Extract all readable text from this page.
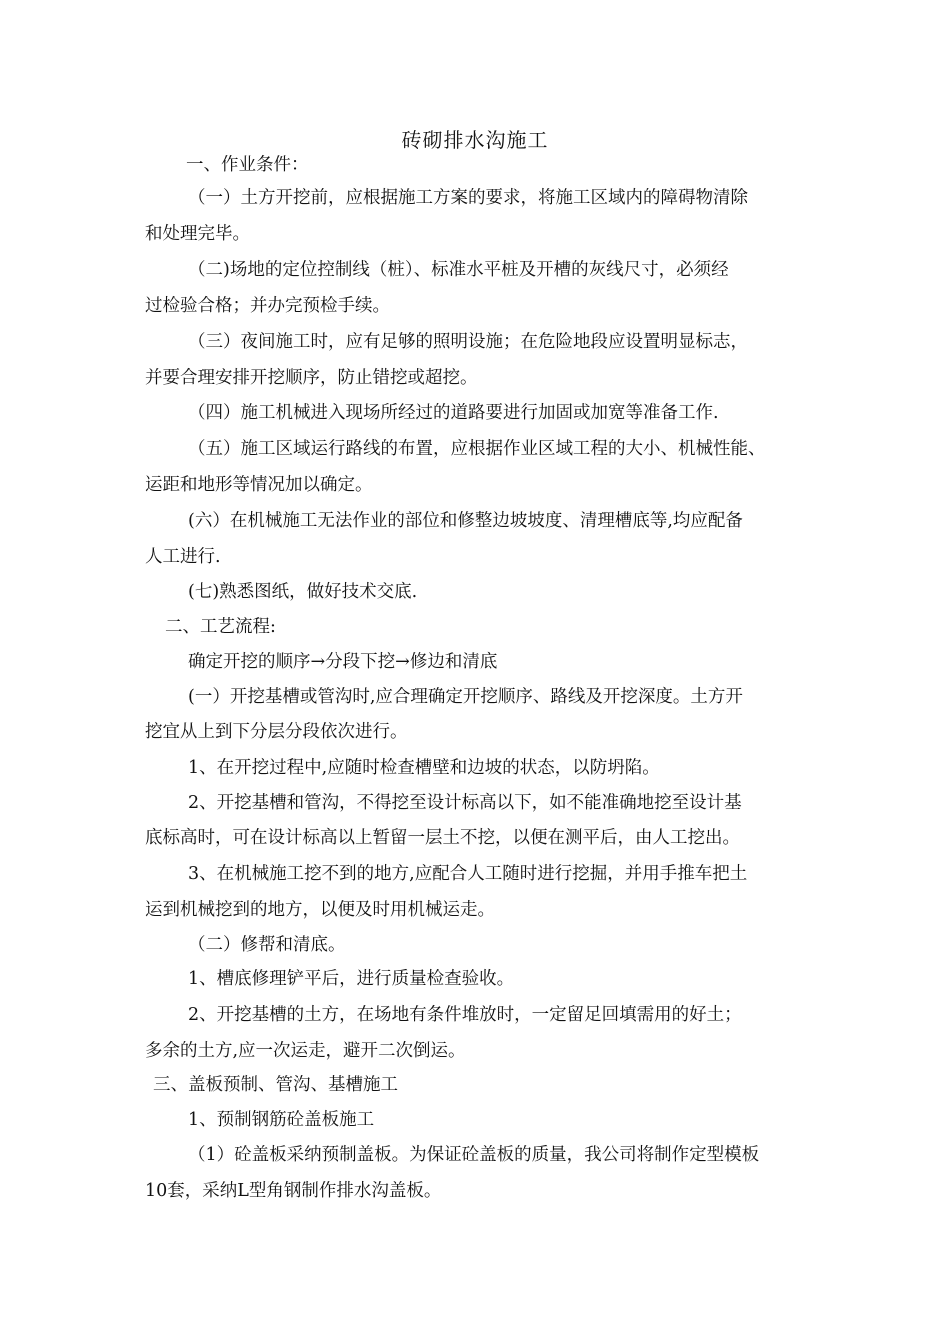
砖砌排水沟施工
一、作业条件：
（一）土方开挖前，应根据施工方案的要求，将施工区域内的障碍物清除
和处理完毕。
（二)场地的定位控制线（桩）、标准水平桩及开槽的灰线尺寸，必须经
过检验合格；并办完预检手续。
（三）夜间施工时，应有足够的照明设施；在危险地段应设置明显标志，
并要合理安排开挖顺序，防止错挖或超挖。
（四）施工机械进入现场所经过的道路要进行加固或加宽等准备工作.
（五）施工区域运行路线的布置，应根据作业区域工程的大小、机械性能、
运距和地形等情况加以确定。
(六）在机械施工无法作业的部位和修整边坡坡度、清理槽底等,均应配备
人工进行.
(七)熟悉图纸，做好技术交底.
二、工艺流程:
确定开挖的顺序→分段下挖→修边和清底
(一）开挖基槽或管沟时,应合理确定开挖顺序、路线及开挖深度。土方开
挖宜从上到下分层分段依次进行。
1、在开挖过程中,应随时检查槽壁和边坡的状态，以防坍陷。
2、开挖基槽和管沟，不得挖至设计标高以下，如不能准确地挖至设计基
底标高时，可在设计标高以上暂留一层土不挖，以便在测平后，由人工挖出。
3、在机械施工挖不到的地方,应配合人工随时进行挖掘，并用手推车把土
运到机械挖到的地方，以便及时用机械运走。
（二）修帮和清底。
1、槽底修理铲平后，进行质量检查验收。
2、开挖基槽的土方，在场地有条件堆放时，一定留足回填需用的好土；
多余的土方,应一次运走，避开二次倒运。
三、盖板预制、管沟、基槽施工
1、预制钢筋砼盖板施工
（1）砼盖板采纳预制盖板。为保证砼盖板的质量，我公司将制作定型模板
10套，采纳L型角钢制作排水沟盖板。
